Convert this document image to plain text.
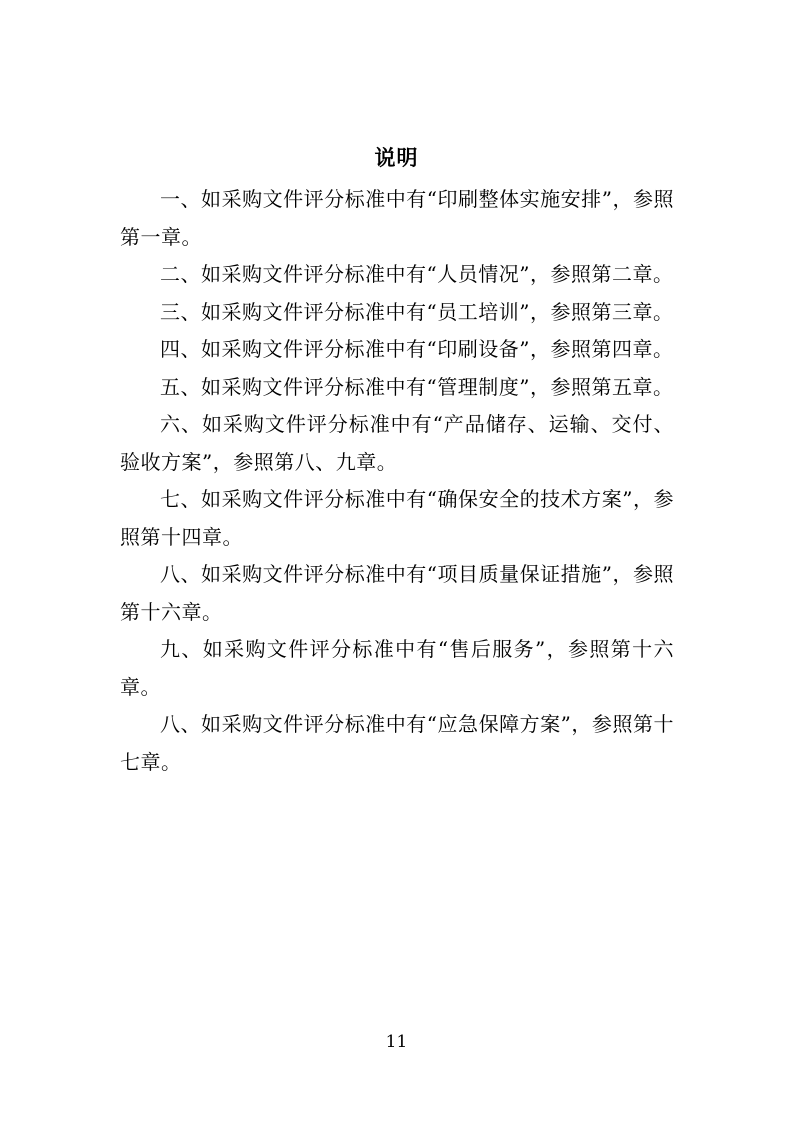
说明

一、如采购文件评分标准中有“印刷整体实施安排”，参照第一章。

二、如采购文件评分标准中有“人员情况”，参照第二章。

三、如采购文件评分标准中有“员工培训”，参照第三章。

四、如采购文件评分标准中有“印刷设备”，参照第四章。

五、如采购文件评分标准中有“管理制度”，参照第五章。

六、如采购文件评分标准中有“产品储存、运输、交付、验收方案”，参照第八、九章。

七、如采购文件评分标准中有“确保安全的技术方案”，参照第十四章。

八、如采购文件评分标准中有“项目质量保证措施”，参照第十六章。

九、如采购文件评分标准中有“售后服务”，参照第十六章。

八、如采购文件评分标准中有“应急保障方案”，参照第十七章。

11
